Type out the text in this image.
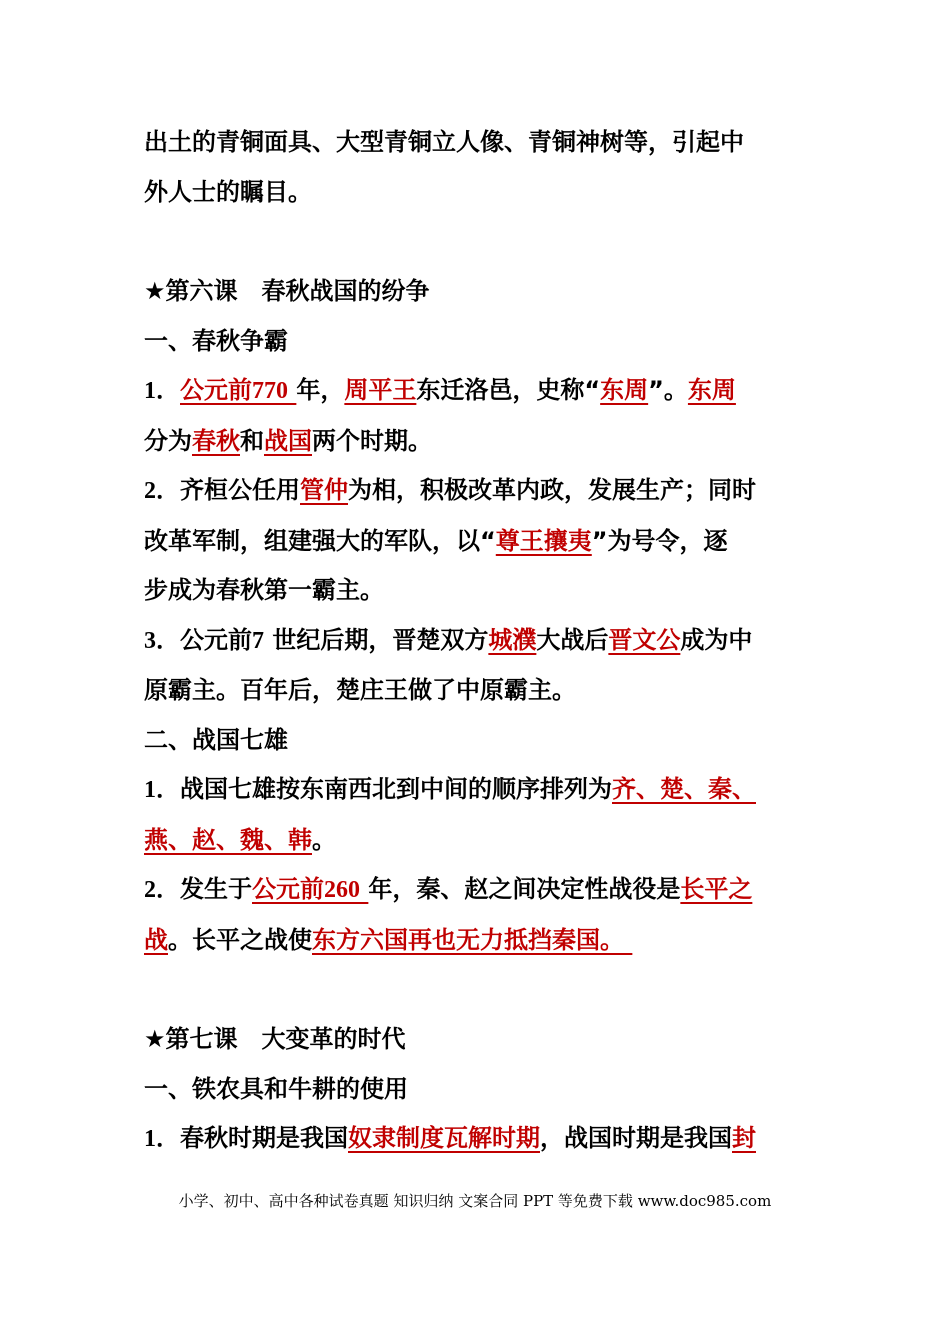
出土的青铜面具、大型青铜立人像、青铜神树等，引起中
外人士的瞩目。
★第六课　春秋战国的纷争
一、春秋争霸
1．公元前770 年，周平王东迁洛邑，史称“东周”。东周
分为春秋和战国两个时期。
2．齐桓公任用管仲为相，积极改革内政，发展生产；同时
改革军制，组建强大的军队，以“尊王攘夷”为号令，逐
步成为春秋第一霸主。
3．公元前7 世纪后期，晋楚双方城濮大战后晋文公成为中
原霸主。百年后，楚庄王做了中原霸主。
二、战国七雄
1．战国七雄按东南西北到中间的顺序排列为齐、楚、秦、
燕、赵、魏、韩。
2．发生于公元前260 年，秦、赵之间决定性战役是长平之
战。长平之战使东方六国再也无力抵挡秦国。
★第七课　大变革的时代
一、铁农具和牛耕的使用
1．春秋时期是我国奴隶制度瓦解时期，战国时期是我国封
小学、初中、高中各种试卷真题 知识归纳 文案合同 PPT 等免费下载 www.doc985.com
